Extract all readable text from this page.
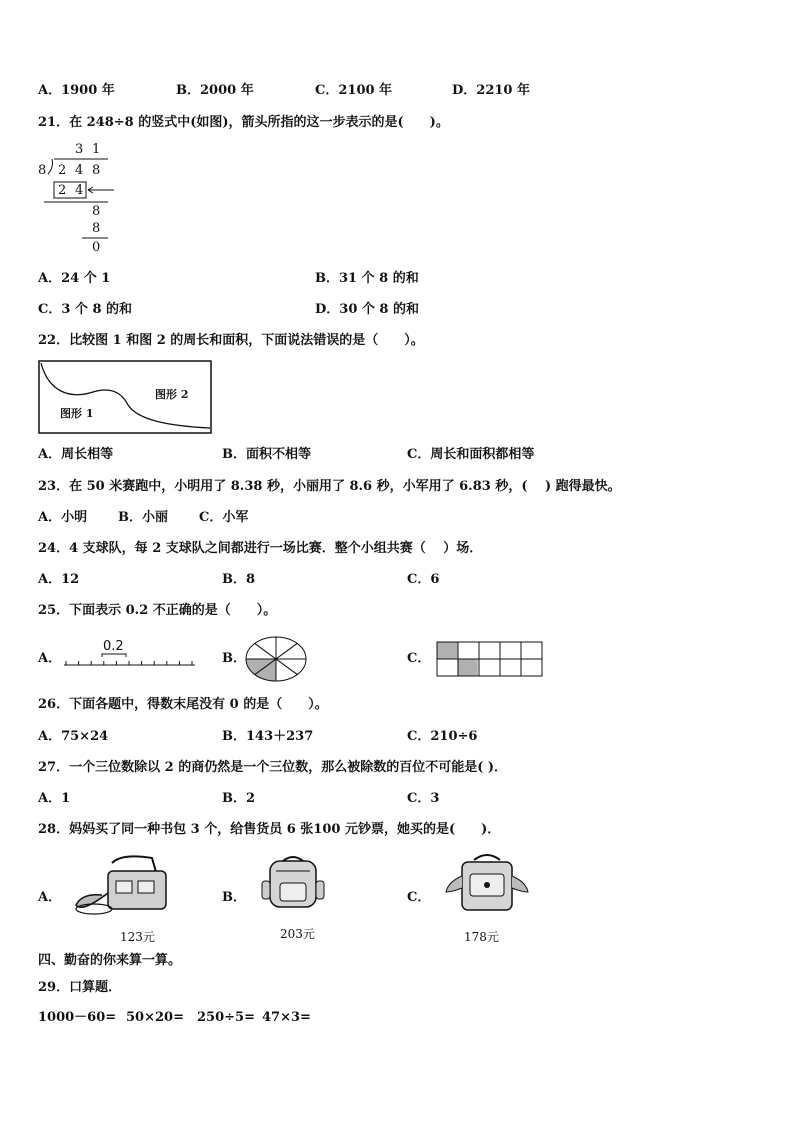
A．1900 年	B．2000 年	C．2100 年	D．2210 年
21．在 248÷8 的竖式中(如图)，箭头所指的这一步表示的是(　　)。
3 1
8 2 4 8
2 4
8
8
0
A．24 个 1	B．31 个 8 的和
C．3 个 8 的和	D．30 个 8 的和
22．比较图 1 和图 2 的周长和面积，下面说法错误的是（　　）。
图形 1
图形 2
A．周长相等	B．面积不相等	C．周长和面积都相等
23．在 50 米赛跑中，小明用了 8.38 秒，小丽用了 8.6 秒，小军用了 6.83 秒，(　 ) 跑得最快。
A．小明 B．小丽 C．小军
24．4 支球队，每 2 支球队之间都进行一场比赛．整个小组共赛（　 ）场．
A．12	B．8	C．6
25．下面表示 0.2 不正确的是（　　）。
A．
0.2
B．	C．
26．下面各题中，得数末尾没有 0 的是（　　）。
A．75×24	B．143＋237	C．210÷6
27．一个三位数除以 2 的商仍然是一个三位数，那么被除数的百位不可能是( )．
A．1	B．2	C．3
28．妈妈买了同一种书包 3 个，给售货员 6 张100 元钞票，她买的是(　　)．
A．
123元
B．
203元
C．
178元
四、勤奋的你来算一算。
29．口算题．
1000－60= 50×20= 250÷5= 47×3=
